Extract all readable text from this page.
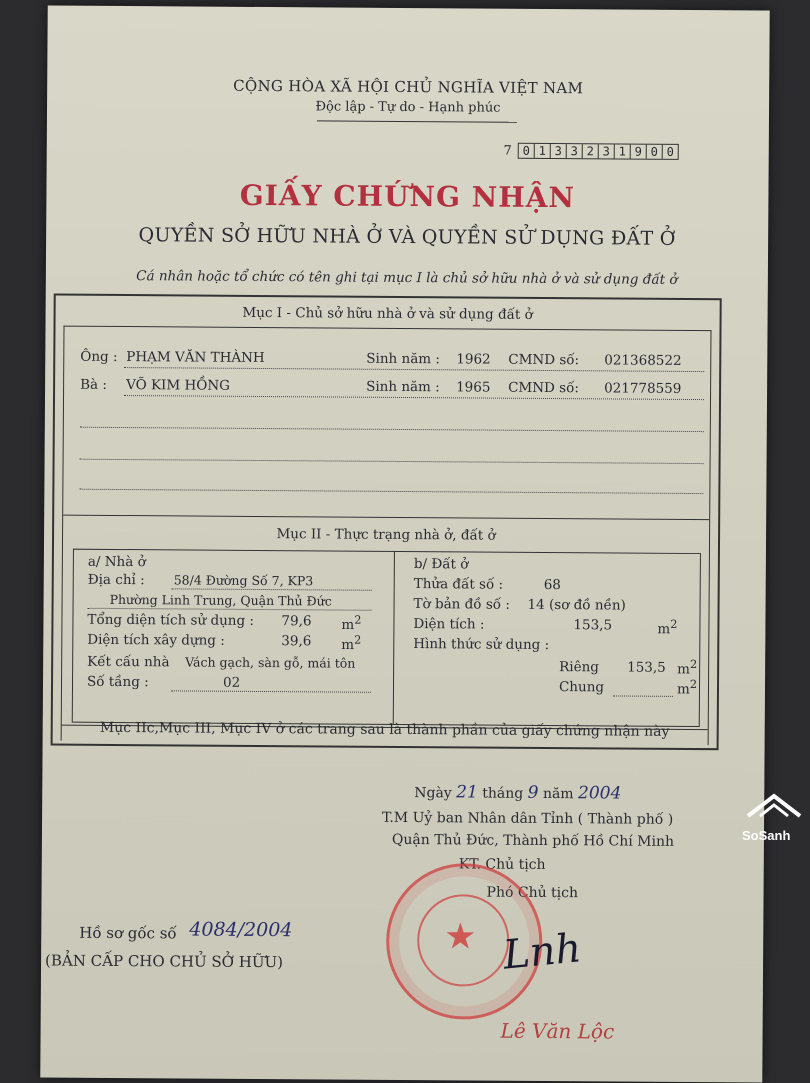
CỘNG HÒA XÃ HỘI CHỦ NGHĨA VIỆT NAM
Độc lập - Tự do - Hạnh phúc
7 0 1 3 3 2 3 1 9 0 0
GIẤY CHỨNG NHẬN
QUYỀN SỞ HỮU NHÀ Ở VÀ QUYỀN SỬ DỤNG ĐẤT Ở
Cá nhân hoặc tổ chức có tên ghi tại mục I là chủ sở hữu nhà ở và sử dụng đất ở
Mục I - Chủ sở hữu nhà ở và sử dụng đất ở
Ông : PHẠM VĂN THÀNH	Sinh năm : 1962 CMND số: 021368522
Bà : VÕ KIM HỒNG	Sinh năm : 1965 CMND số: 021778559
Mục II - Thực trạng nhà ở, đất ở
a/ Nhà ở
Địa chỉ : 58/4 Đường Số 7, KP3
Phường Linh Trung, Quận Thủ Đức
Tổng diện tích sử dụng : 79,6 $m^2$
Diện tích xây dựng :	39,6 $m^2$
Kết cấu nhà Vách gạch, sàn gỗ, mái tôn
Số tầng :	02
b/ Đất ở
Thửa đất số :	68
Tờ bản đồ số : 14 (sơ đồ nền)
Diện tích :	153,5	$m^2$
Hình thức sử dụng :
Riêng 153,5 $m^2$
Chung	$m^2$
Mục IIc,Mục III, Mục IV ở các trang sau là thành phần của giấy chứng nhận này
Ngày 21 tháng 9 năm 2004
T.M Uỷ ban Nhân dân Tỉnh ( Thành phố )
Quận Thủ Đức, Thành phố Hồ Chí Minh
KT. Chủ tịch
Phó Chủ tịch
★ Lnh
Lê Văn Lộc
Hồ sơ gốc số 4084/2004
(BẢN CẤP CHO CHỦ SỞ HỮU)
SoSanh
